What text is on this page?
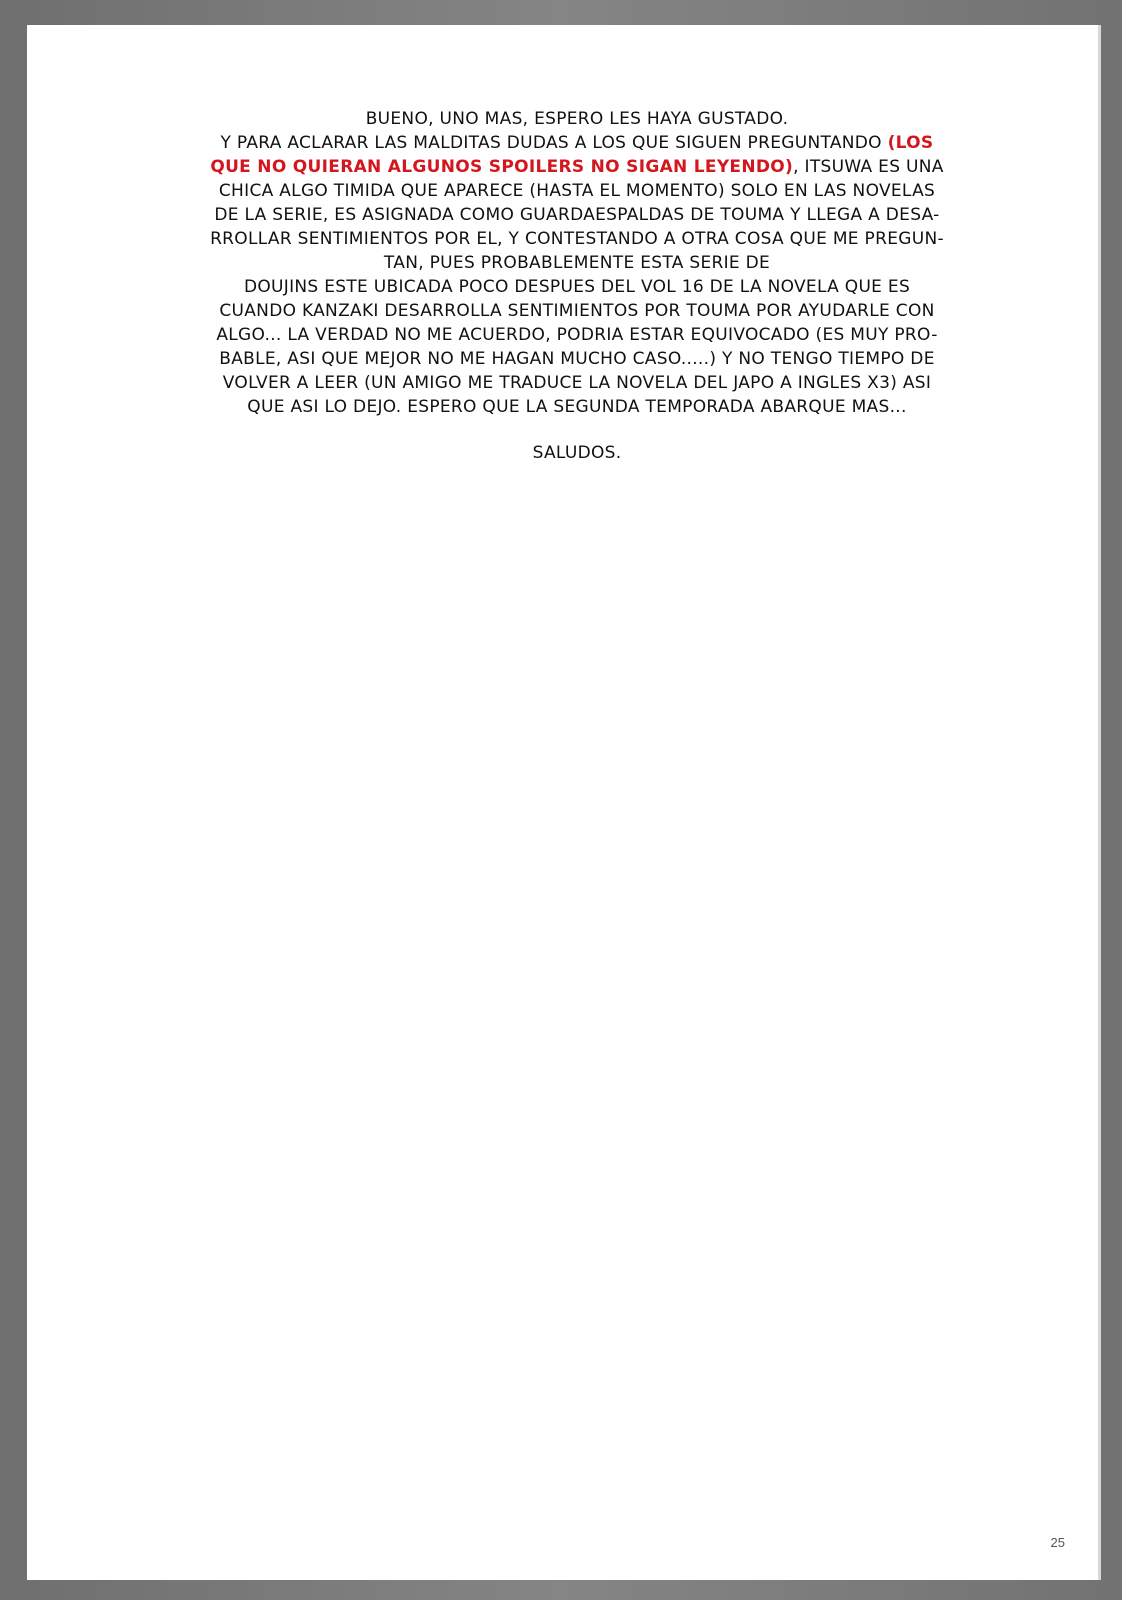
BUENO, UNO MAS, ESPERO LES HAYA GUSTADO.
Y PARA ACLARAR LAS MALDITAS DUDAS A LOS QUE SIGUEN PREGUNTANDO (LOS
QUE NO QUIERAN ALGUNOS SPOILERS NO SIGAN LEYENDO), ITSUWA ES UNA
CHICA ALGO TIMIDA QUE APARECE (HASTA EL MOMENTO) SOLO EN LAS NOVELAS
DE LA SERIE, ES ASIGNADA COMO GUARDAESPALDAS DE TOUMA Y LLEGA A DESA-
RROLLAR SENTIMIENTOS POR EL, Y CONTESTANDO A OTRA COSA QUE ME PREGUN-
TAN, PUES PROBABLEMENTE ESTA SERIE DE
DOUJINS ESTE UBICADA POCO DESPUES DEL VOL 16 DE LA NOVELA QUE ES
CUANDO KANZAKI DESARROLLA SENTIMIENTOS POR TOUMA POR AYUDARLE CON
ALGO... LA VERDAD NO ME ACUERDO, PODRIA ESTAR EQUIVOCADO (ES MUY PRO-
BABLE, ASI QUE MEJOR NO ME HAGAN MUCHO CASO.....) Y NO TENGO TIEMPO DE
VOLVER A LEER (UN AMIGO ME TRADUCE LA NOVELA DEL JAPO A INGLES X3) ASI
QUE ASI LO DEJO. ESPERO QUE LA SEGUNDA TEMPORADA ABARQUE MAS...
SALUDOS.
25
